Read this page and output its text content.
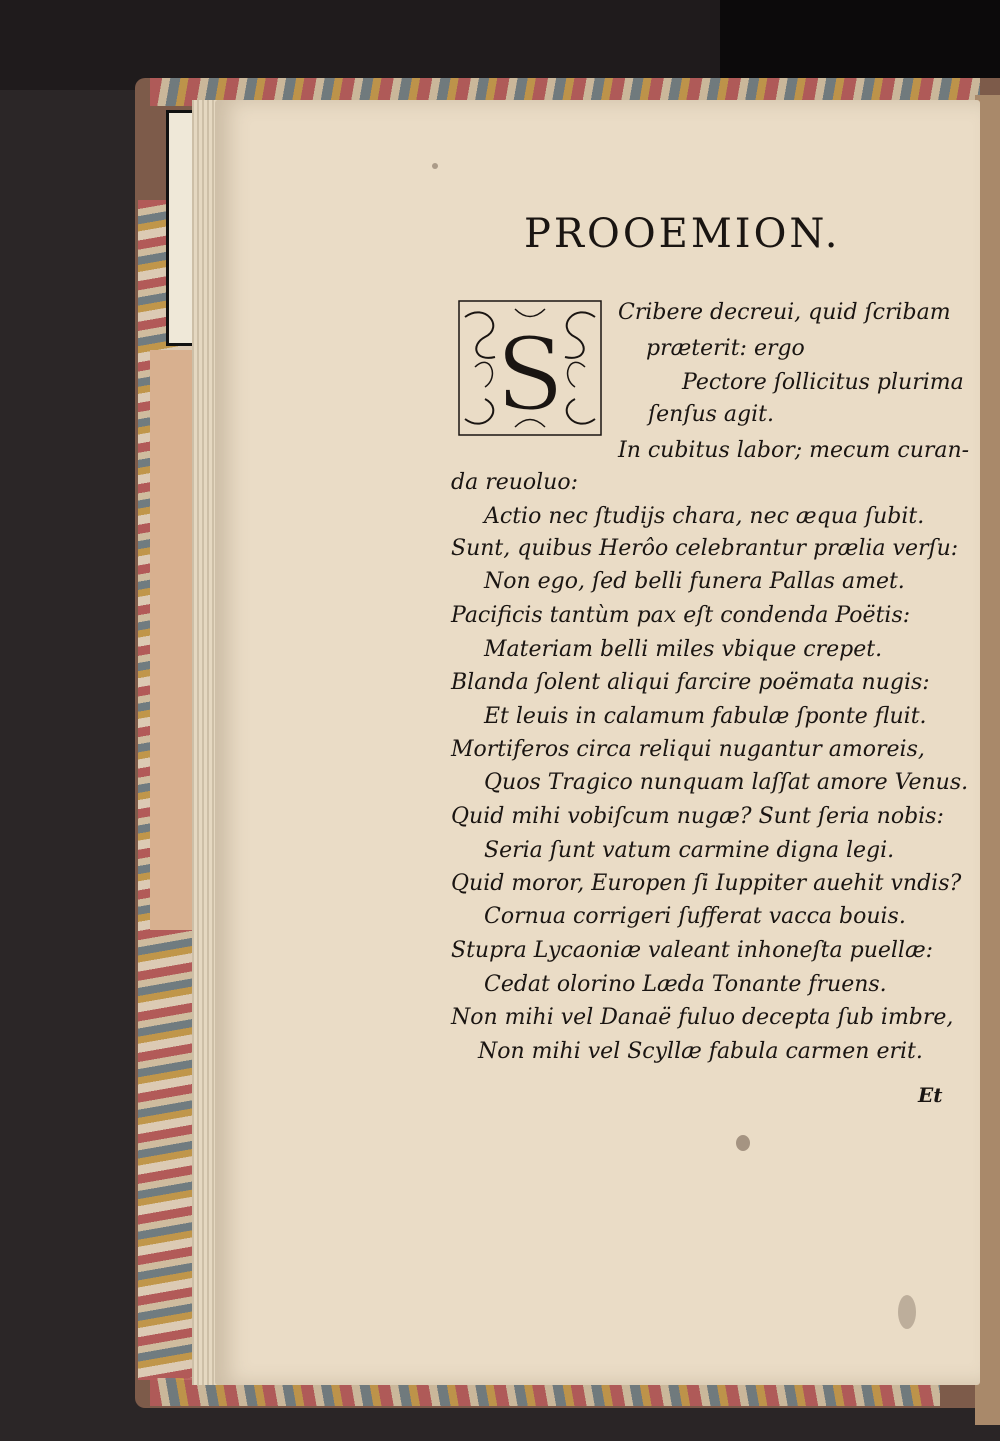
PROOEMION.
S
Cribere decreui, quid ſcribam
præterit: ergo
Pectore ſollicitus plurima
ſenſus agit.
In cubitus labor; mecum curan-
da reuoluo:
Actio nec ſtudijs chara, nec æqua ſubit.
Sunt, quibus Herôo celebrantur prælia verſu:
Non ego, ſed belli funera Pallas amet.
Pacificis tantùm pax eſt condenda Poëtis:
Materiam belli miles vbique crepet.
Blanda ſolent aliqui farcire poëmata nugis:
Et leuis in calamum fabulæ ſponte fluit.
Mortiferos circa reliqui nugantur amoreis,
Quos Tragico nunquam laſſat amore Venus.
Quid mihi vobiſcum nugæ? Sunt ſeria nobis:
Seria ſunt vatum carmine digna legi.
Quid moror, Europen ſi Iuppiter auehit vndis?
Cornua corrigeri ſufferat vacca bouis.
Stupra Lycaoniæ valeant inhoneſta puellæ:
Cedat olorino Læda Tonante fruens.
Non mihi vel Danaë fuluo decepta ſub imbre,
Non mihi vel Scyllæ fabula carmen erit.
Et
